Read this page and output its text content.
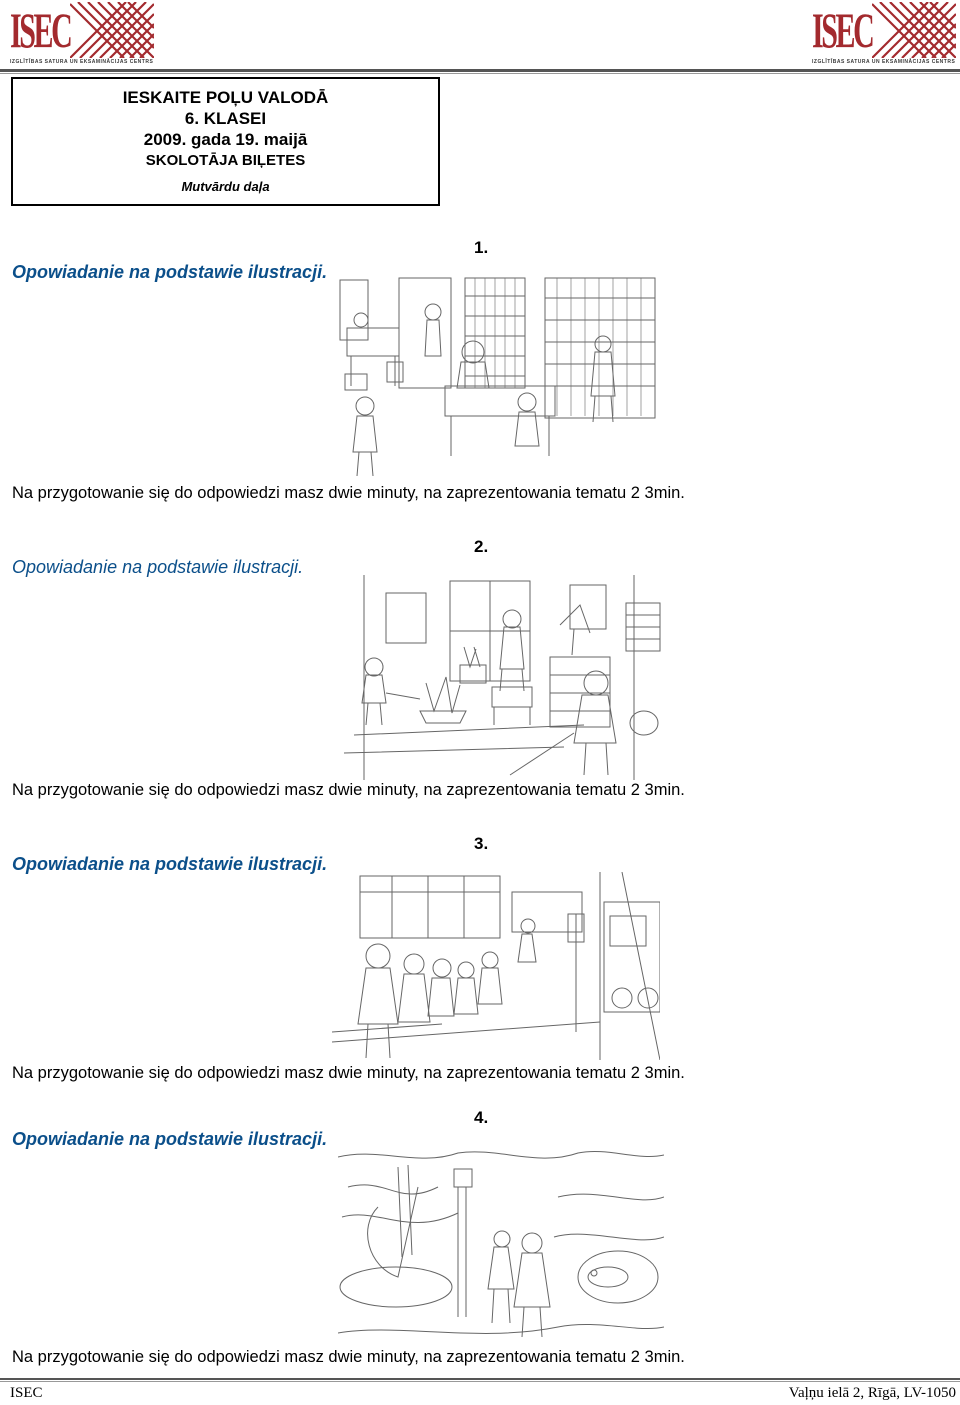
ISEC
IZGLĪTĪBAS SATURA UN EKSAMINĀCIJAS CENTRS
ISEC
IZGLĪTĪBAS SATURA UN EKSAMINĀCIJAS CENTRS
IESKAITE POĻU VALODĀ
6. KLASEI
2009. gada 19. maijā
SKOLOTĀJA BIĻETES
Mutvārdu daļa
1.
Opowiadanie na podstawie ilustracji.
Na przygotowanie się do odpowiedzi masz dwie minuty, na zaprezentowania tematu 2 3min.
2.
Opowiadanie na podstawie ilustracji.
Na przygotowanie się do odpowiedzi masz dwie minuty, na zaprezentowania tematu 2 3min.
3.
Opowiadanie na podstawie ilustracji.
Na przygotowanie się do odpowiedzi masz dwie minuty, na zaprezentowania tematu 2 3min.
4.
Opowiadanie na podstawie ilustracji.
Na przygotowanie się do odpowiedzi masz dwie minuty, na zaprezentowania tematu 2 3min.
ISEC	Vaļņu ielā 2, Rīgā, LV-1050
